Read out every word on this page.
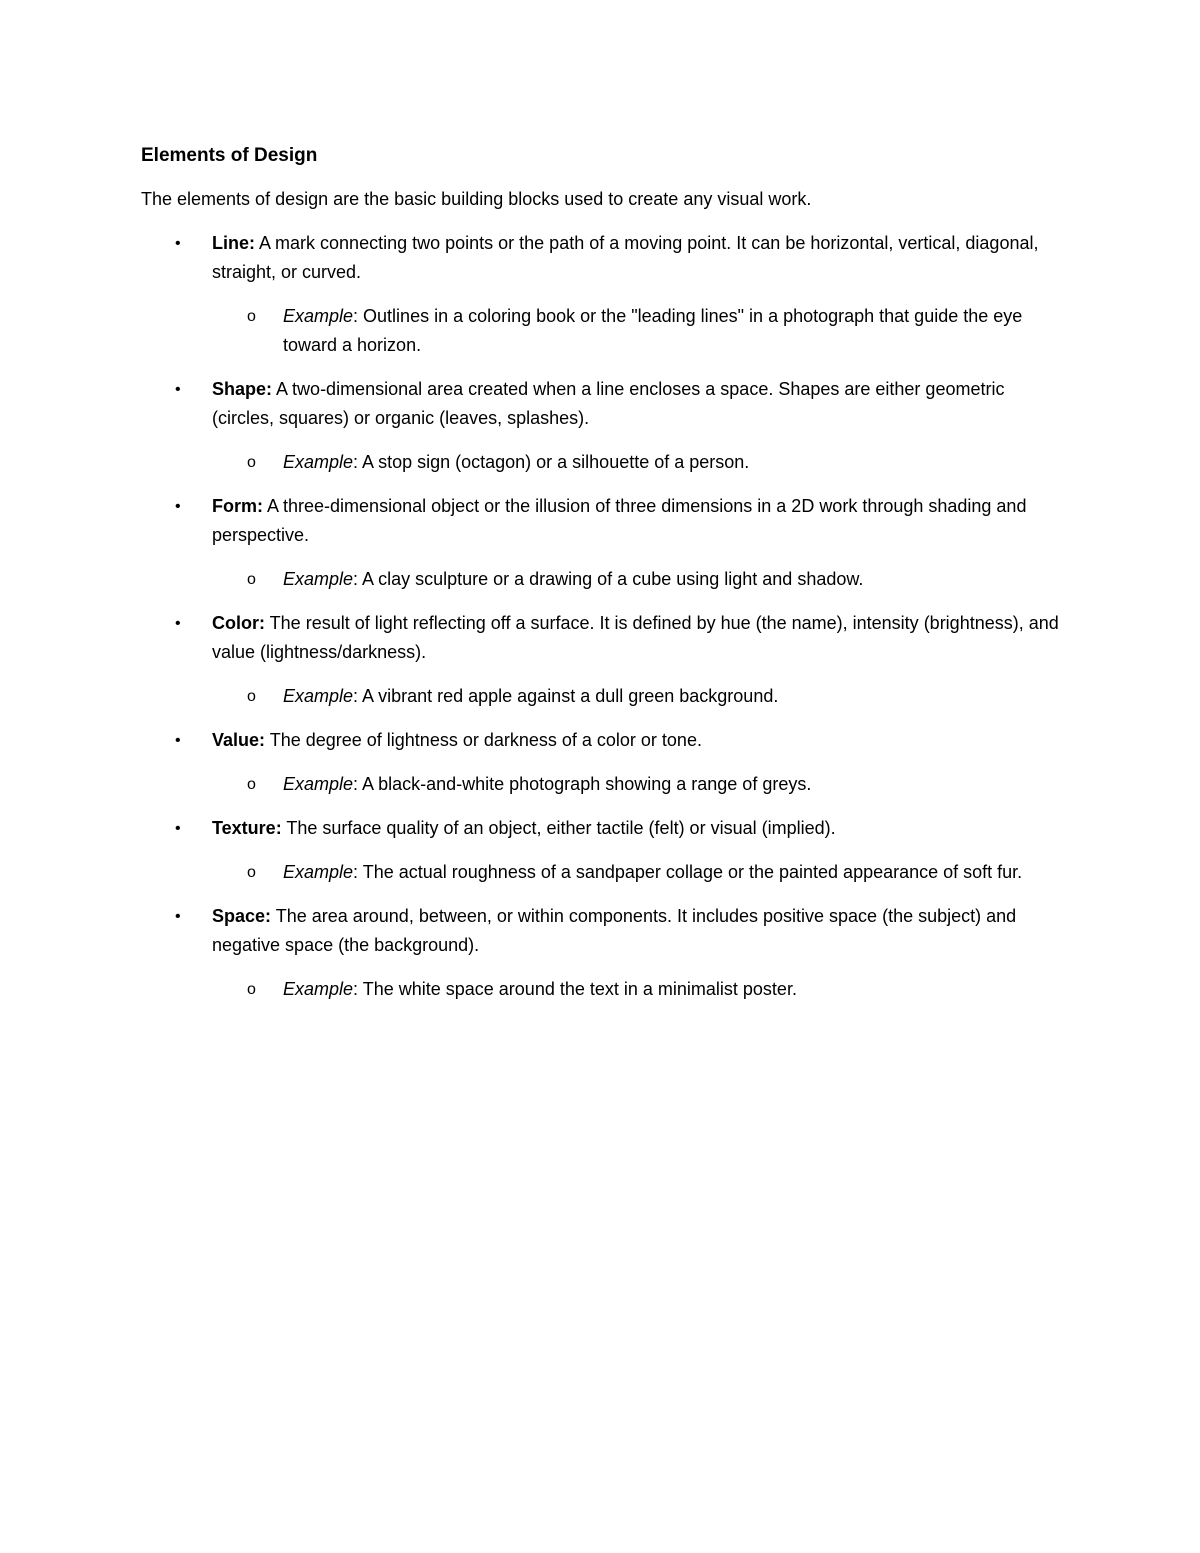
Elements of Design

The elements of design are the basic building blocks used to create any visual work.

• Line: A mark connecting two points or the path of a moving point. It can be horizontal, vertical, diagonal, straight, or curved.

o Example: Outlines in a coloring book or the "leading lines" in a photograph that guide the eye toward a horizon.

• Shape: A two-dimensional area created when a line encloses a space. Shapes are either geometric (circles, squares) or organic (leaves, splashes).

o Example: A stop sign (octagon) or a silhouette of a person.

• Form: A three-dimensional object or the illusion of three dimensions in a 2D work through shading and perspective.

o Example: A clay sculpture or a drawing of a cube using light and shadow.

• Color: The result of light reflecting off a surface. It is defined by hue (the name), intensity (brightness), and value (lightness/darkness).

o Example: A vibrant red apple against a dull green background.

• Value: The degree of lightness or darkness of a color or tone.

o Example: A black-and-white photograph showing a range of greys.

• Texture: The surface quality of an object, either tactile (felt) or visual (implied).

o Example: The actual roughness of a sandpaper collage or the painted appearance of soft fur.

• Space: The area around, between, or within components. It includes positive space (the subject) and negative space (the background).

o Example: The white space around the text in a minimalist poster.
